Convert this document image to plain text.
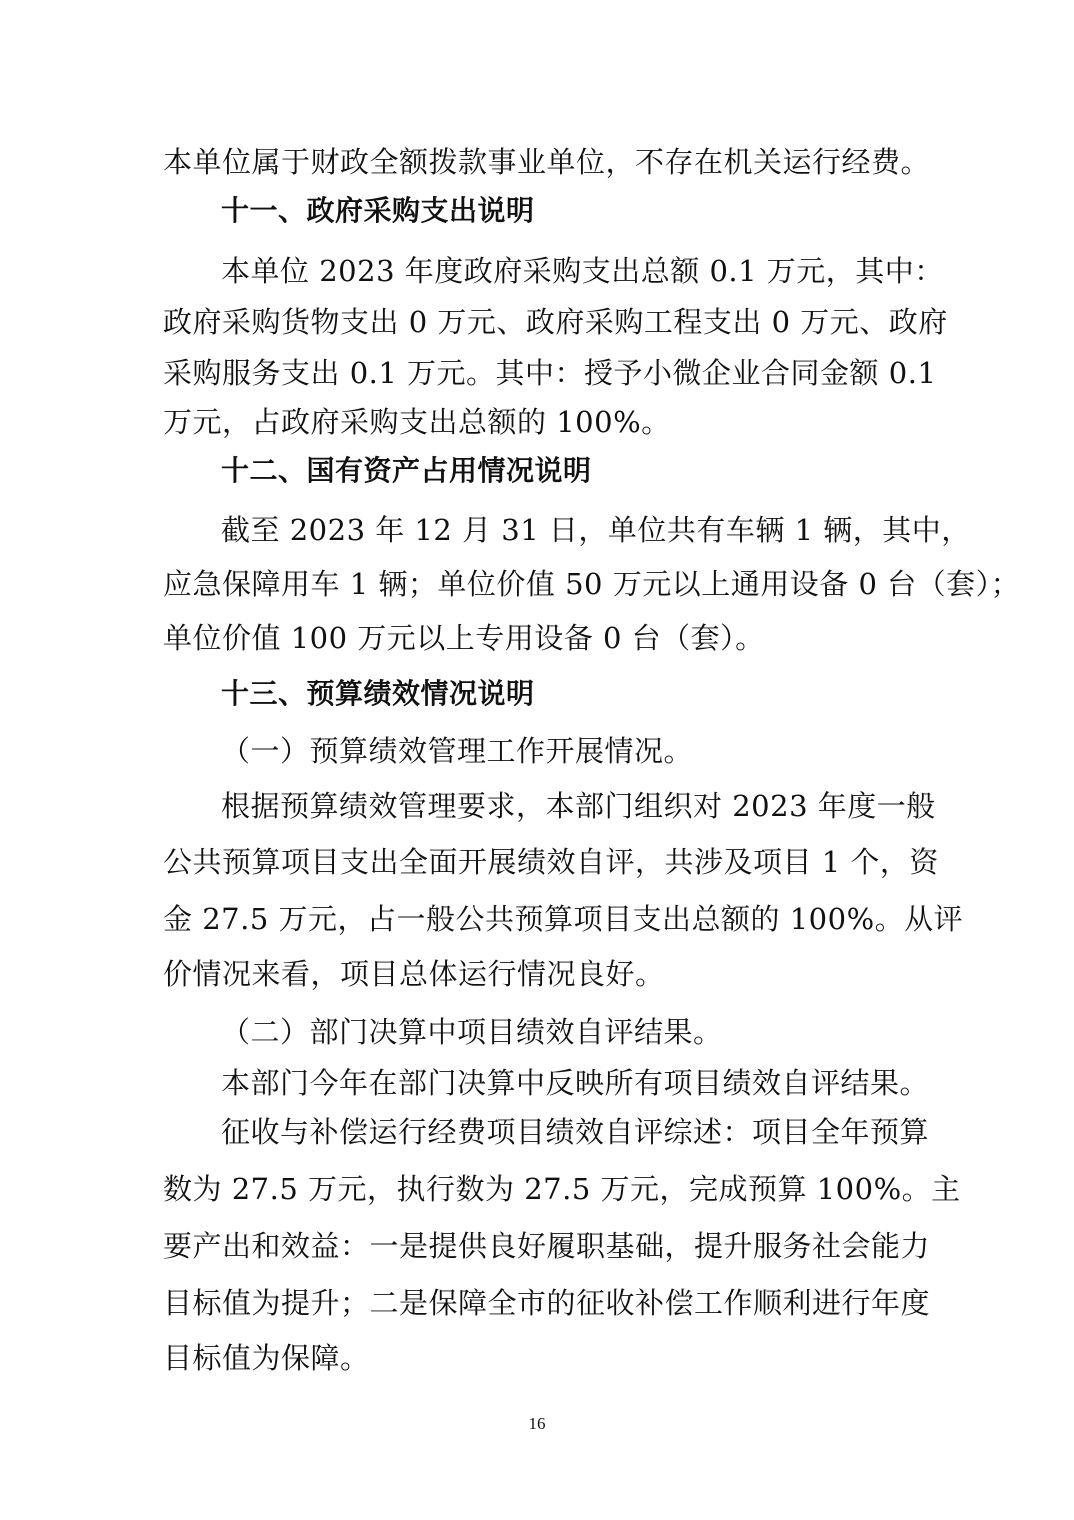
本单位属于财政全额拨款事业单位，不存在机关运行经费。
十一、政府采购支出说明
本单位 2023 年度政府采购支出总额 0.1 万元，其中：
政府采购货物支出 0 万元、政府采购工程支出 0 万元、政府
采购服务支出 0.1 万元。其中：授予小微企业合同金额 0.1
万元，占政府采购支出总额的 100%。
十二、国有资产占用情况说明
截至 2023 年 12 月 31 日，单位共有车辆 1 辆，其中，
应急保障用车 1 辆；单位价值 50 万元以上通用设备 0 台（套）；
单位价值 100 万元以上专用设备 0 台（套）。
十三、预算绩效情况说明
（一）预算绩效管理工作开展情况。
根据预算绩效管理要求，本部门组织对 2023 年度一般
公共预算项目支出全面开展绩效自评，共涉及项目 1 个，资
金 27.5 万元，占一般公共预算项目支出总额的 100%。从评
价情况来看，项目总体运行情况良好。
（二）部门决算中项目绩效自评结果。
本部门今年在部门决算中反映所有项目绩效自评结果。
征收与补偿运行经费项目绩效自评综述：项目全年预算
数为 27.5 万元，执行数为 27.5 万元，完成预算 100%。主
要产出和效益：一是提供良好履职基础，提升服务社会能力
目标值为提升；二是保障全市的征收补偿工作顺利进行年度
目标值为保障。
16
